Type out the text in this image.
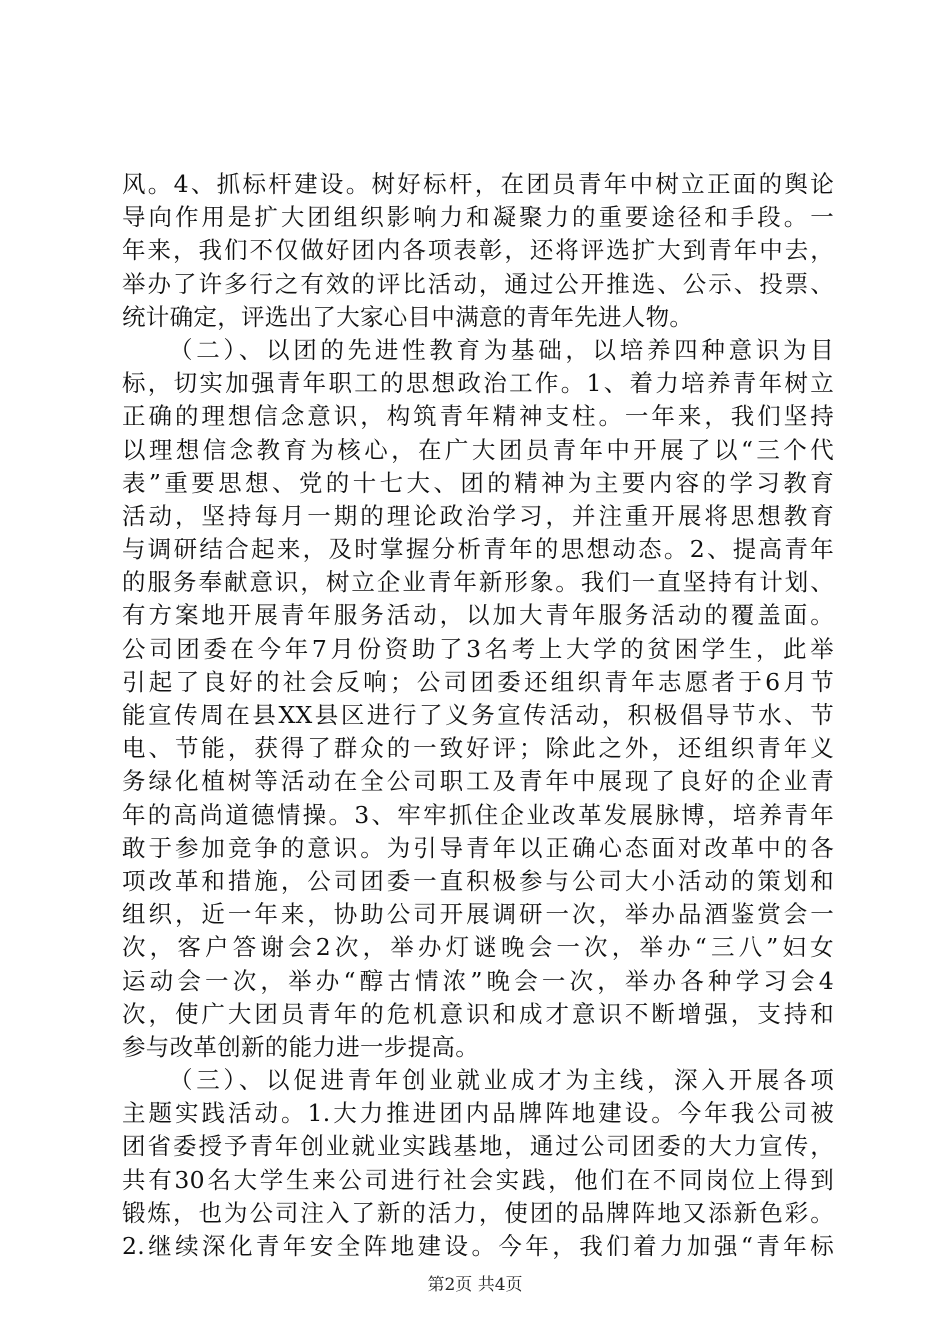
风。4、抓标杆建设。树好标杆，在团员青年中树立正面的舆论
导向作用是扩大团组织影响力和凝聚力的重要途径和手段。一
年来，我们不仅做好团内各项表彰，还将评选扩大到青年中去，
举办了许多行之有效的评比活动，通过公开推选、公示、投票、
统计确定，评选出了大家心目中满意的青年先进人物。
（二）、以团的先进性教育为基础，以培养四种意识为目
标，切实加强青年职工的思想政治工作。1、着力培养青年树立
正确的理想信念意识，构筑青年精神支柱。一年来，我们坚持
以理想信念教育为核心，在广大团员青年中开展了以“三个代
表”重要思想、党的十七大、团的精神为主要内容的学习教育
活动，坚持每月一期的理论政治学习，并注重开展将思想教育
与调研结合起来，及时掌握分析青年的思想动态。2、提高青年
的服务奉献意识，树立企业青年新形象。我们一直坚持有计划、
有方案地开展青年服务活动，以加大青年服务活动的覆盖面。
公司团委在今年7月份资助了3名考上大学的贫困学生，此举
引起了良好的社会反响；公司团委还组织青年志愿者于6月节
能宣传周在县XX县区进行了义务宣传活动，积极倡导节水、节
电、节能，获得了群众的一致好评；除此之外，还组织青年义
务绿化植树等活动在全公司职工及青年中展现了良好的企业青
年的高尚道德情操。3、牢牢抓住企业改革发展脉博，培养青年
敢于参加竞争的意识。为引导青年以正确心态面对改革中的各
项改革和措施，公司团委一直积极参与公司大小活动的策划和
组织，近一年来，协助公司开展调研一次，举办品酒鉴赏会一
次，客户答谢会2次，举办灯谜晚会一次，举办“三八”妇女
运动会一次，举办“醇古情浓”晚会一次，举办各种学习会4
次，使广大团员青年的危机意识和成才意识不断增强，支持和
参与改革创新的能力进一步提高。
（三）、以促进青年创业就业成才为主线，深入开展各项
主题实践活动。1.大力推进团内品牌阵地建设。今年我公司被
团省委授予青年创业就业实践基地，通过公司团委的大力宣传，
共有30名大学生来公司进行社会实践，他们在不同岗位上得到
锻炼，也为公司注入了新的活力，使团的品牌阵地又添新色彩。
2.继续深化青年安全阵地建设。今年，我们着力加强“青年标
第2页 共4页
